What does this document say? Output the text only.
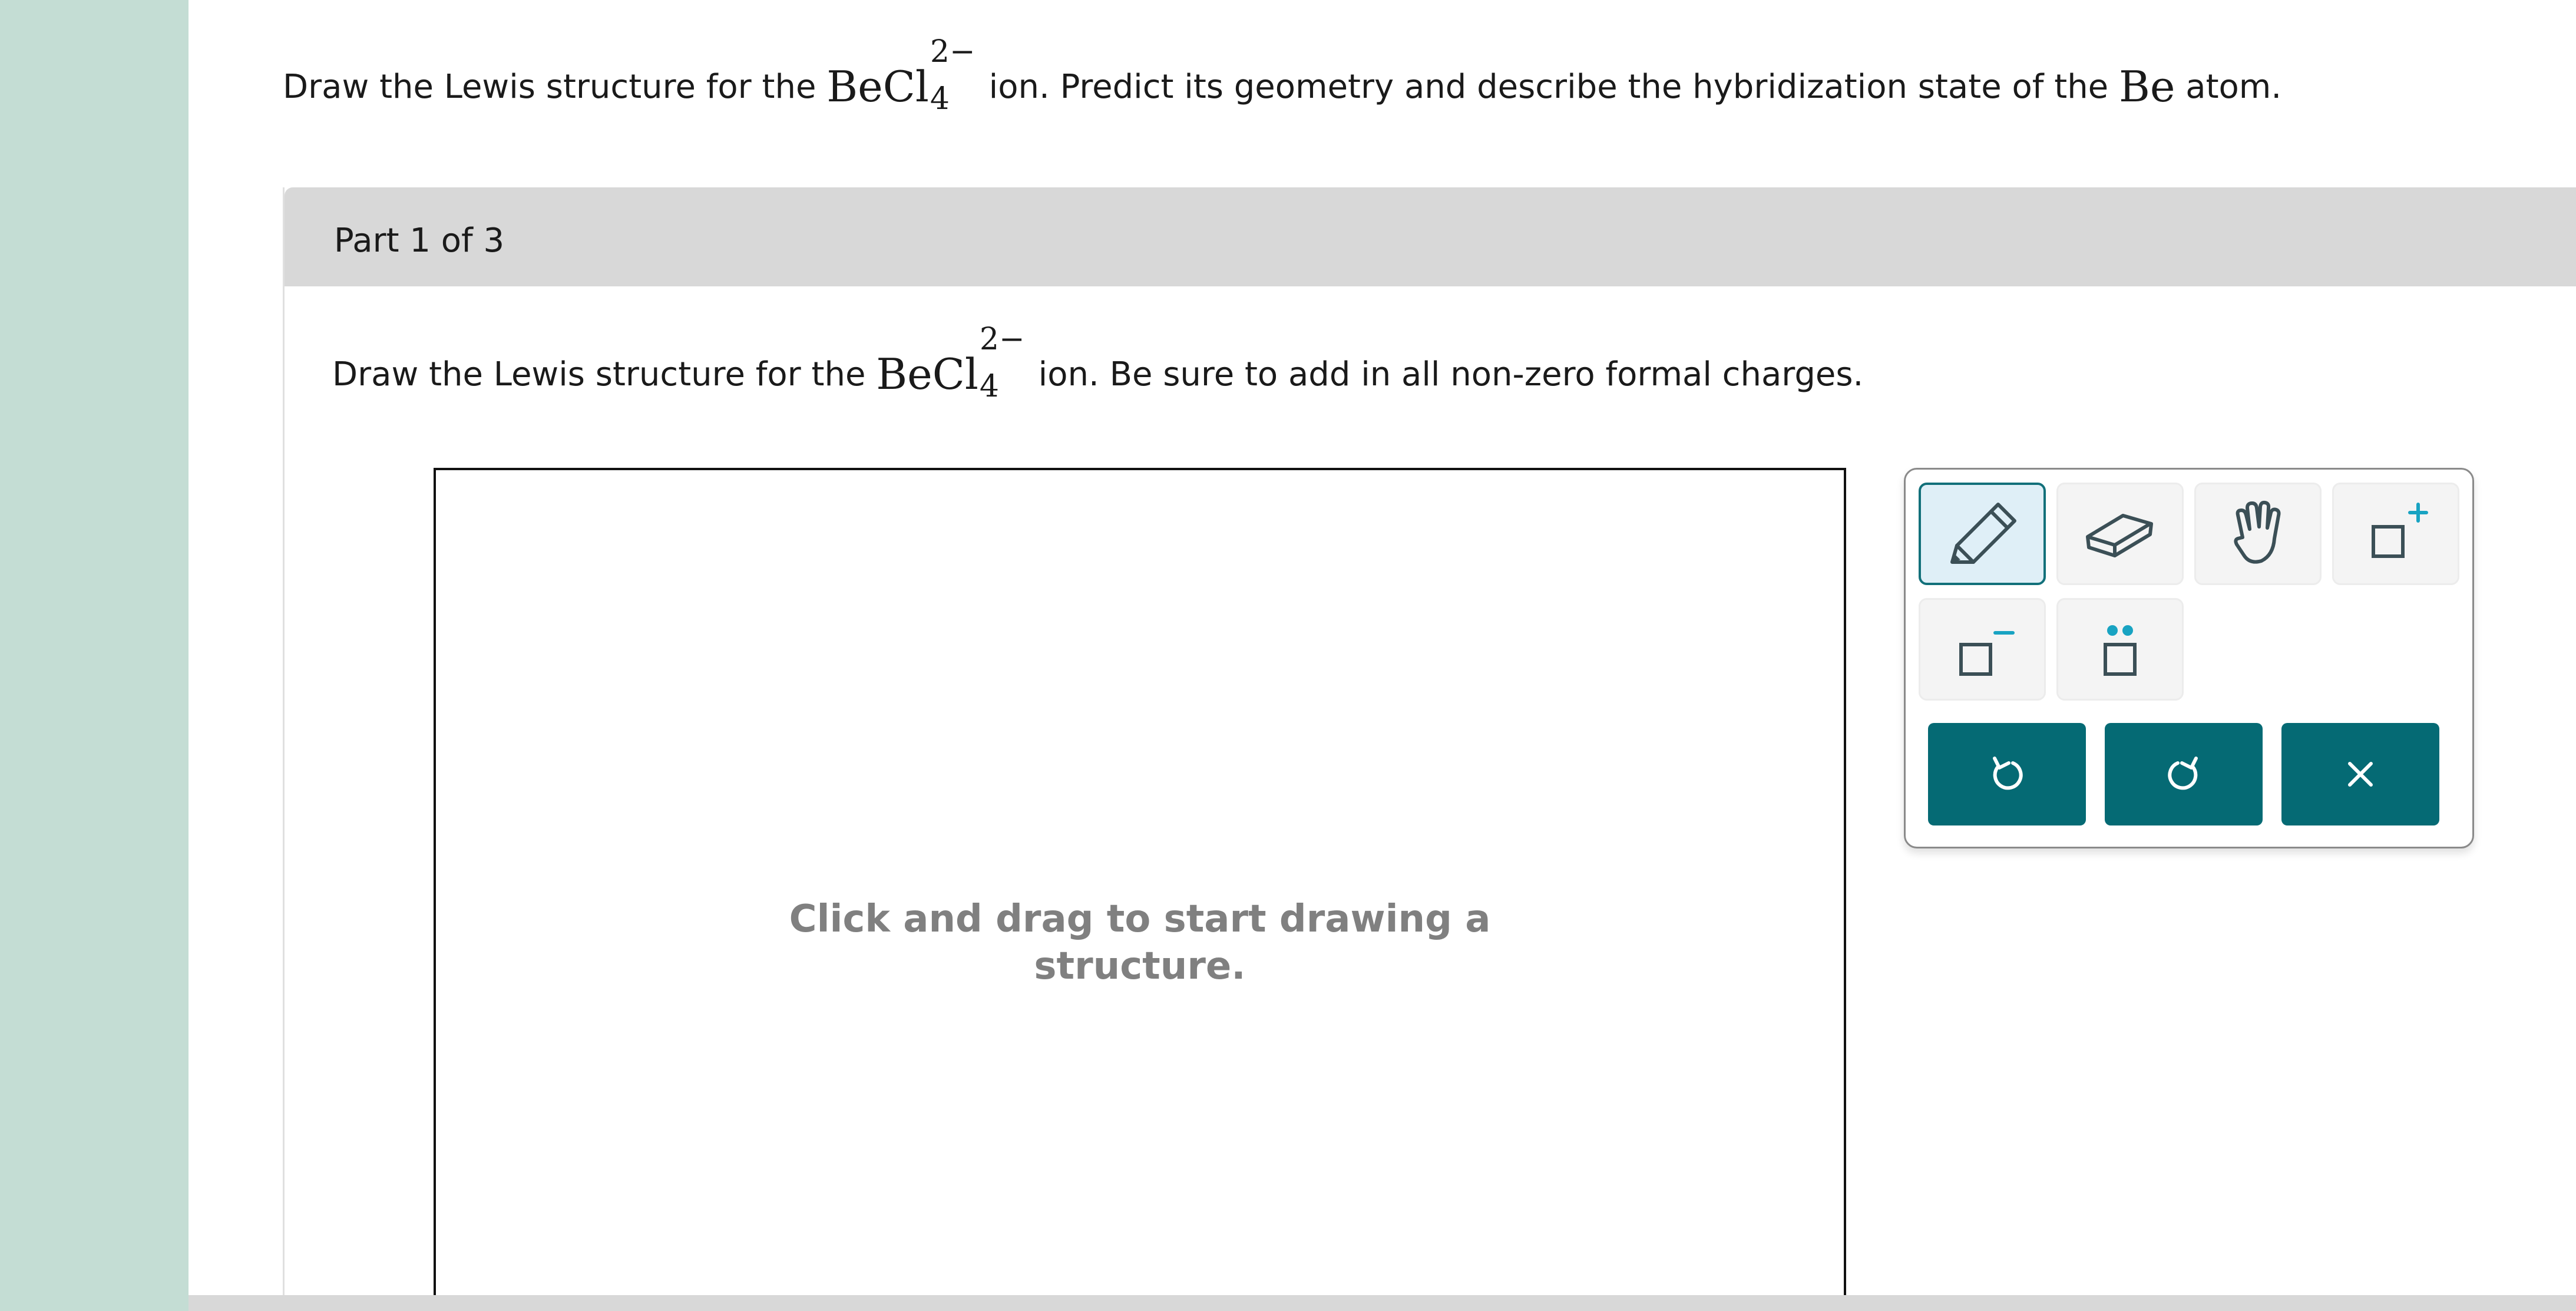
Draw the Lewis structure for the BeCl
2−
4 ion. Predict its geometry and describe the hybridization state of the Be atom.
Part 1 of 3
Draw the Lewis structure for the BeCl
2−
4 ion. Be sure to add in all non-zero formal charges.
Click and drag to start drawing a
structure.
